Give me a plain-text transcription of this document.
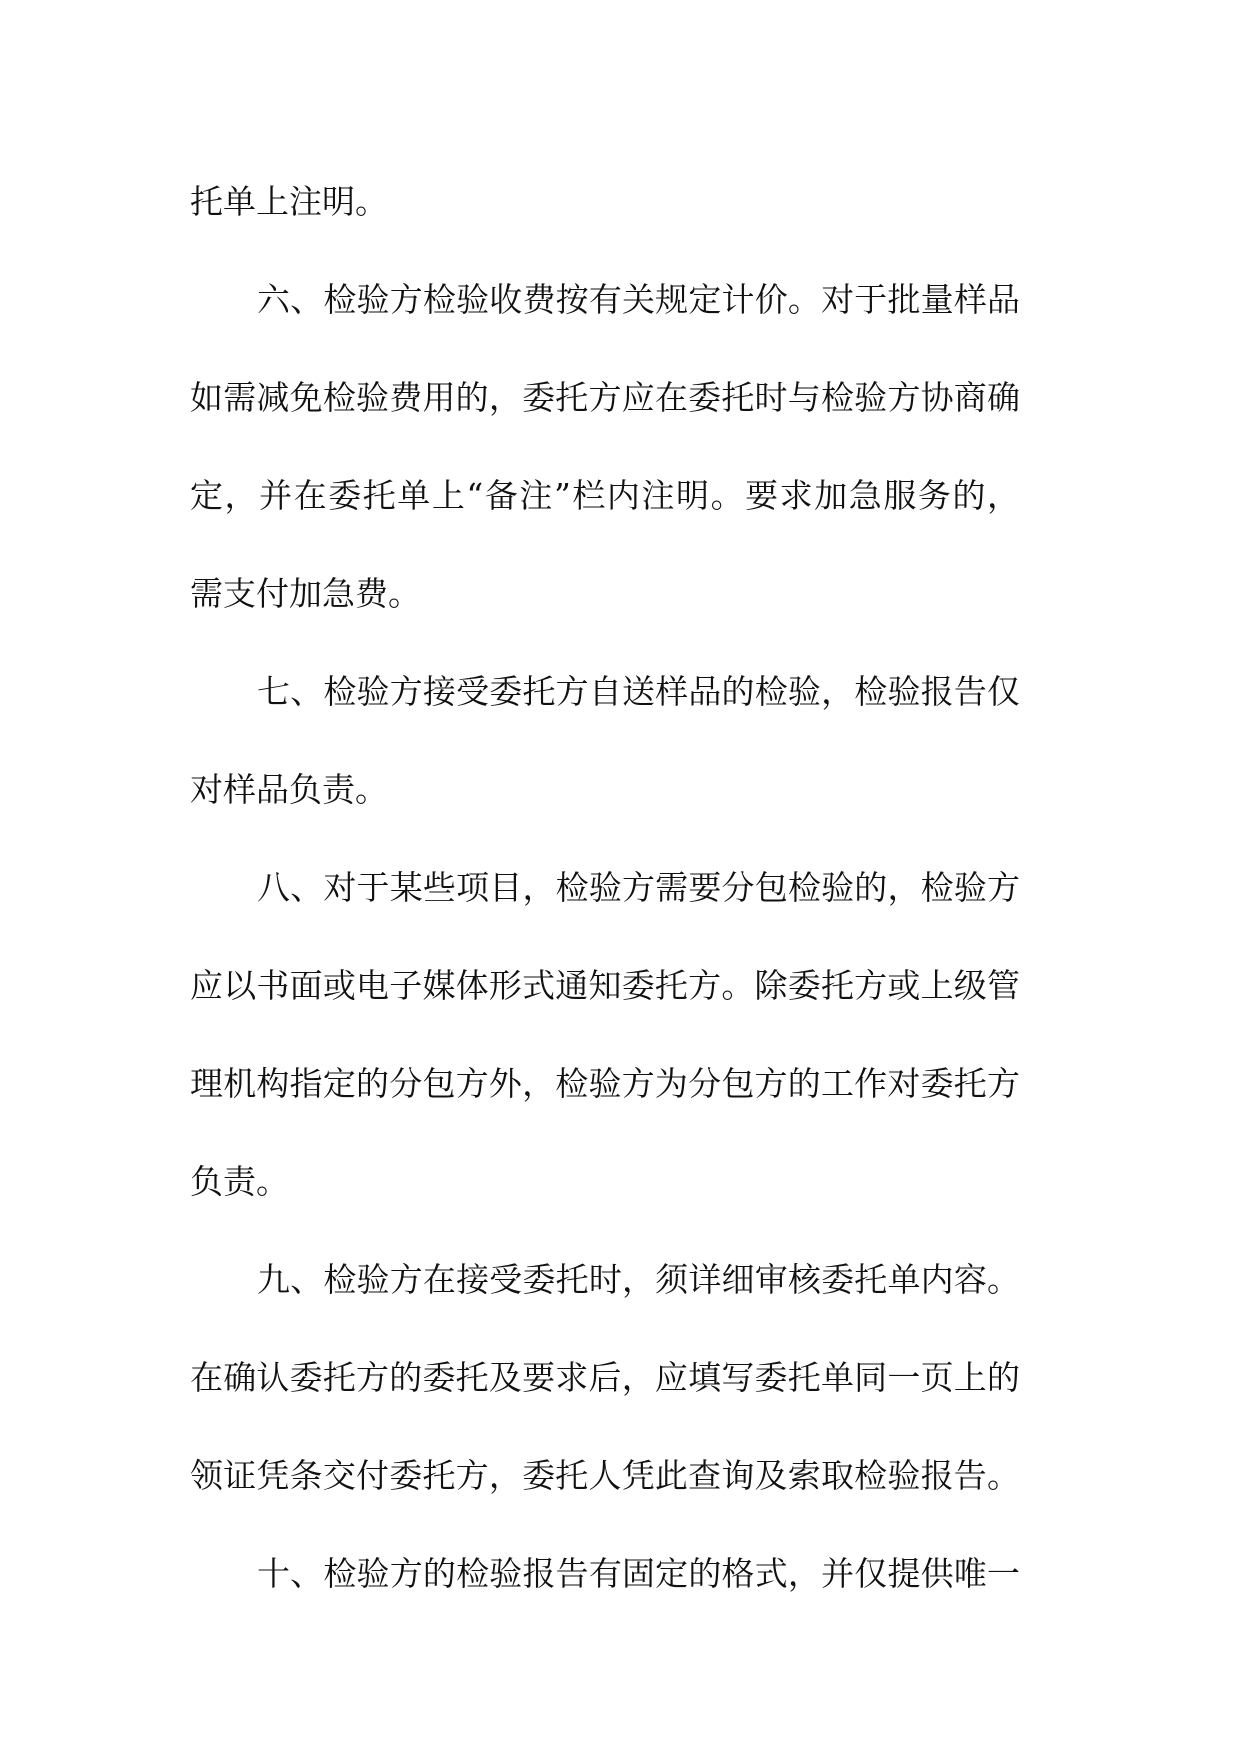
托单上注明。
六、检验方检验收费按有关规定计价。对于批量样品
如需减免检验费用的，委托方应在委托时与检验方协商确
定，并在委托单上“备注”栏内注明。要求加急服务的，
需支付加急费。
七、检验方接受委托方自送样品的检验，检验报告仅
对样品负责。
八、对于某些项目，检验方需要分包检验的，检验方
应以书面或电子媒体形式通知委托方。除委托方或上级管
理机构指定的分包方外，检验方为分包方的工作对委托方
负责。
九、检验方在接受委托时，须详细审核委托单内容。
在确认委托方的委托及要求后，应填写委托单同一页上的
领证凭条交付委托方，委托人凭此查询及索取检验报告。
十、检验方的检验报告有固定的格式，并仅提供唯一
